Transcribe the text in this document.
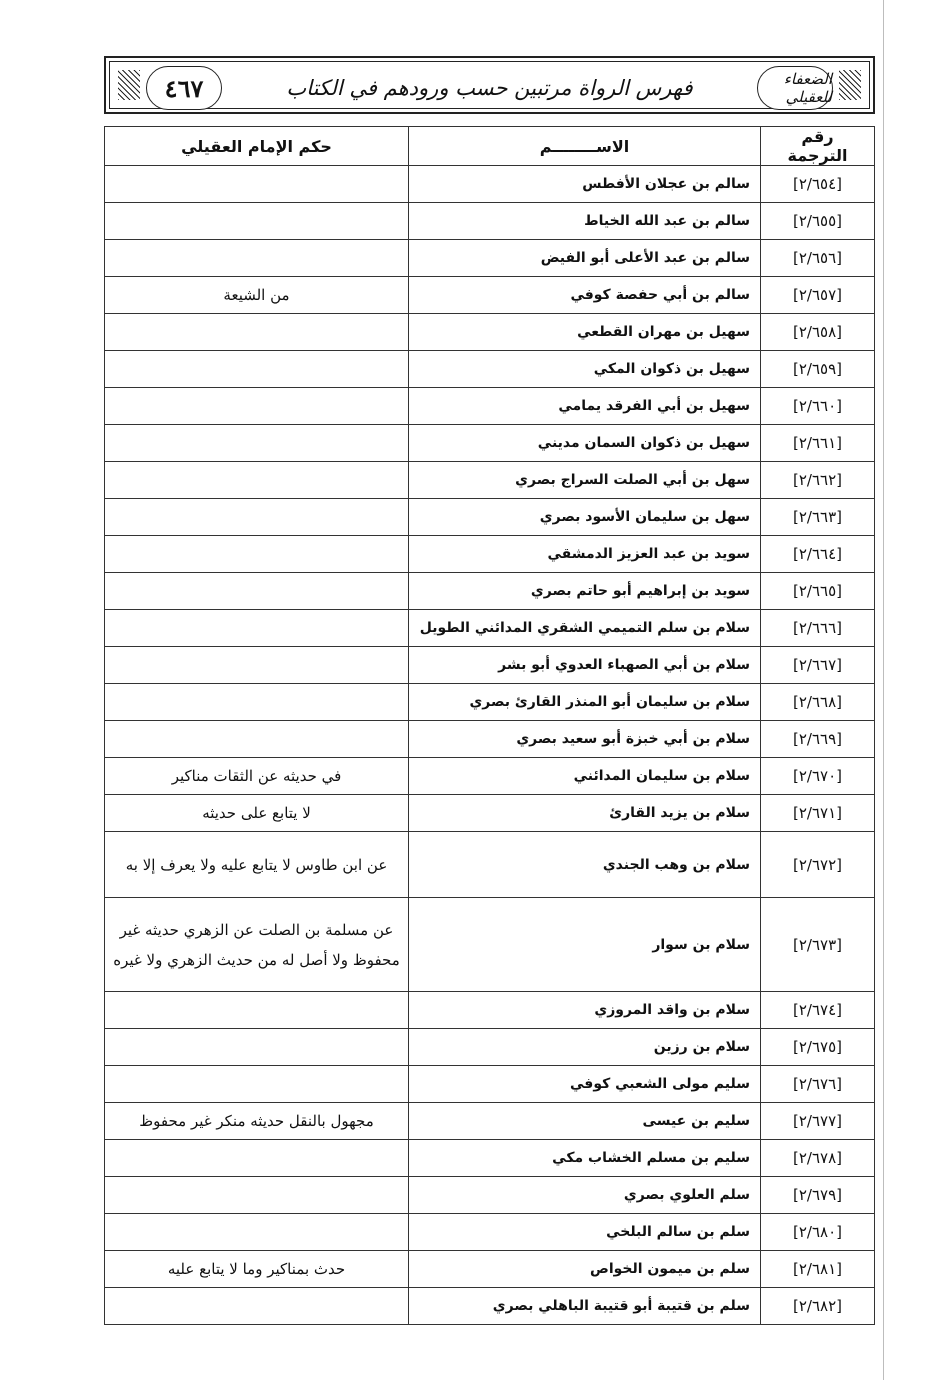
الضعفاء للعقيلي
٤٦٧	فهرس الرواة مرتبين حسب ورودهم في الكتاب
رقم الترجمة	الاســــــــم	حكم الإمام العقيلي
[٢/٦٥٤]	سالم بن عجلان الأفطس	
[٢/٦٥٥]	سالم بن عبد الله الخياط	
[٢/٦٥٦]	سالم بن عبد الأعلى أبو الفيض	
[٢/٦٥٧]	سالم بن أبي حفصة كوفي	من الشيعة
[٢/٦٥٨]	سهيل بن مهران القطعي	
[٢/٦٥٩]	سهيل بن ذكوان المكي	
[٢/٦٦٠]	سهيل بن أبي الفرقد يمامي	
[٢/٦٦١]	سهيل بن ذكوان السمان مديني	
[٢/٦٦٢]	سهل بن أبي الصلت السراج بصري	
[٢/٦٦٣]	سهل بن سليمان الأسود بصري	
[٢/٦٦٤]	سويد بن عبد العزيز الدمشقي	
[٢/٦٦٥]	سويد بن إبراهيم أبو حاتم بصري	
[٢/٦٦٦]	سلام بن سلم التميمي الشقري المدائني الطويل	
[٢/٦٦٧]	سلام بن أبي الصهباء العدوي أبو بشر	
[٢/٦٦٨]	سلام بن سليمان أبو المنذر القارئ بصري	
[٢/٦٦٩]	سلام بن أبي خبزة أبو سعيد بصري	
[٢/٦٧٠]	سلام بن سليمان المدائني	في حديثه عن الثقات مناكير
[٢/٦٧١]	سلام بن يزيد القارئ	لا يتابع على حديثه
[٢/٦٧٢]	سلام بن وهب الجندي	عن ابن طاوس لا يتابع عليه ولا يعرف إلا به
[٢/٦٧٣]	سلام بن سوار	عن مسلمة بن الصلت عن الزهري حديثه غير محفوظ ولا أصل له من حديث الزهري ولا غيره
[٢/٦٧٤]	سلام بن واقد المروزي	
[٢/٦٧٥]	سلام بن رزين	
[٢/٦٧٦]	سليم مولى الشعبي كوفي	
[٢/٦٧٧]	سليم بن عيسى	مجهول بالنقل حديثه منكر غير محفوظ
[٢/٦٧٨]	سليم بن مسلم الخشاب مكي	
[٢/٦٧٩]	سلم العلوي بصري	
[٢/٦٨٠]	سلم بن سالم البلخي	
[٢/٦٨١]	سلم بن ميمون الخواص	حدث بمناكير وما لا يتابع عليه
[٢/٦٨٢]	سلم بن قتيبة أبو قتيبة الباهلي بصري	
